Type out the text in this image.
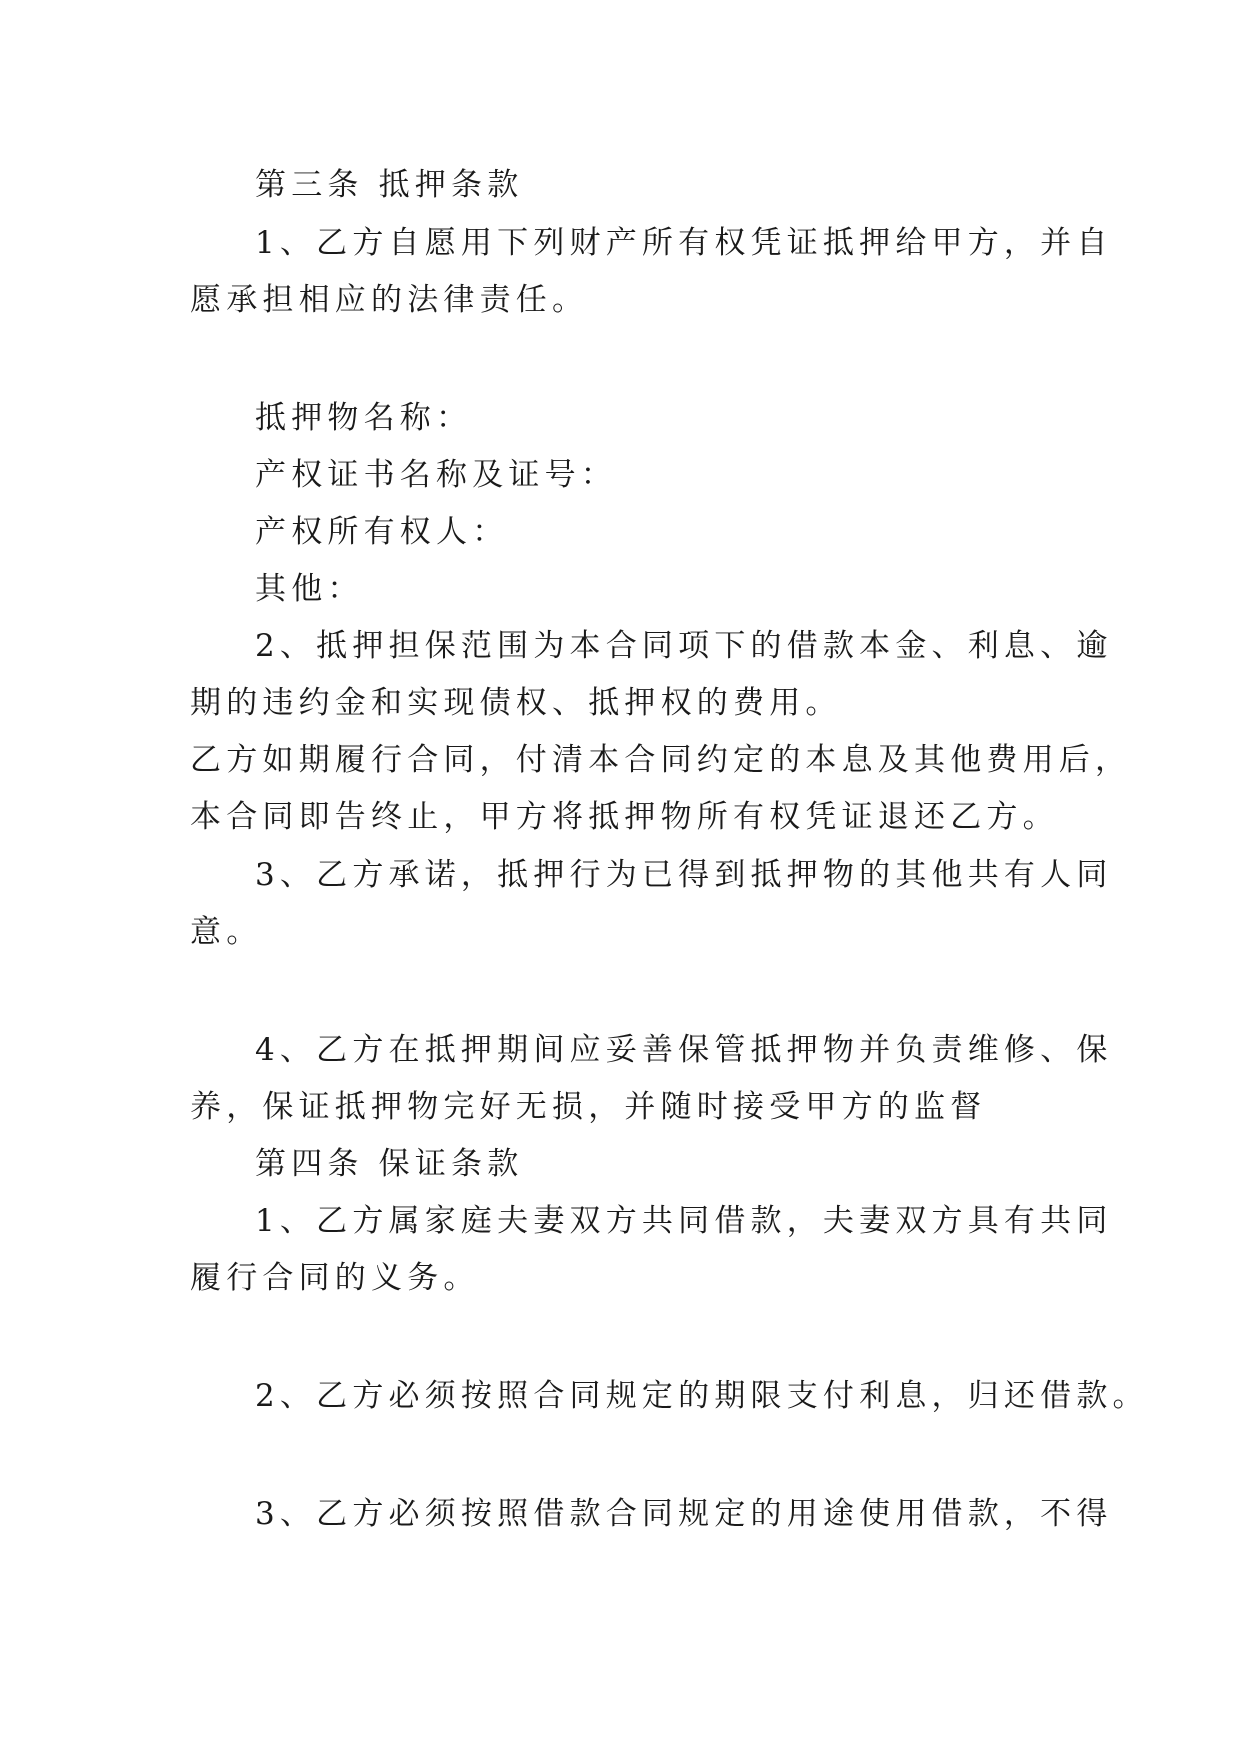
第三条 抵押条款
1、乙方自愿用下列财产所有权凭证抵押给甲方，并自
愿承担相应的法律责任。
抵押物名称：
产权证书名称及证号：
产权所有权人：
其他：
2、抵押担保范围为本合同项下的借款本金、利息、逾
期的违约金和实现债权、抵押权的费用。
乙方如期履行合同，付清本合同约定的本息及其他费用后，
本合同即告终止，甲方将抵押物所有权凭证退还乙方。
3、乙方承诺，抵押行为已得到抵押物的其他共有人同
意。
4、乙方在抵押期间应妥善保管抵押物并负责维修、保
养，保证抵押物完好无损，并随时接受甲方的监督
第四条 保证条款
1、乙方属家庭夫妻双方共同借款，夫妻双方具有共同
履行合同的义务。
2、乙方必须按照合同规定的期限支付利息，归还借款。
3、乙方必须按照借款合同规定的用途使用借款，不得
